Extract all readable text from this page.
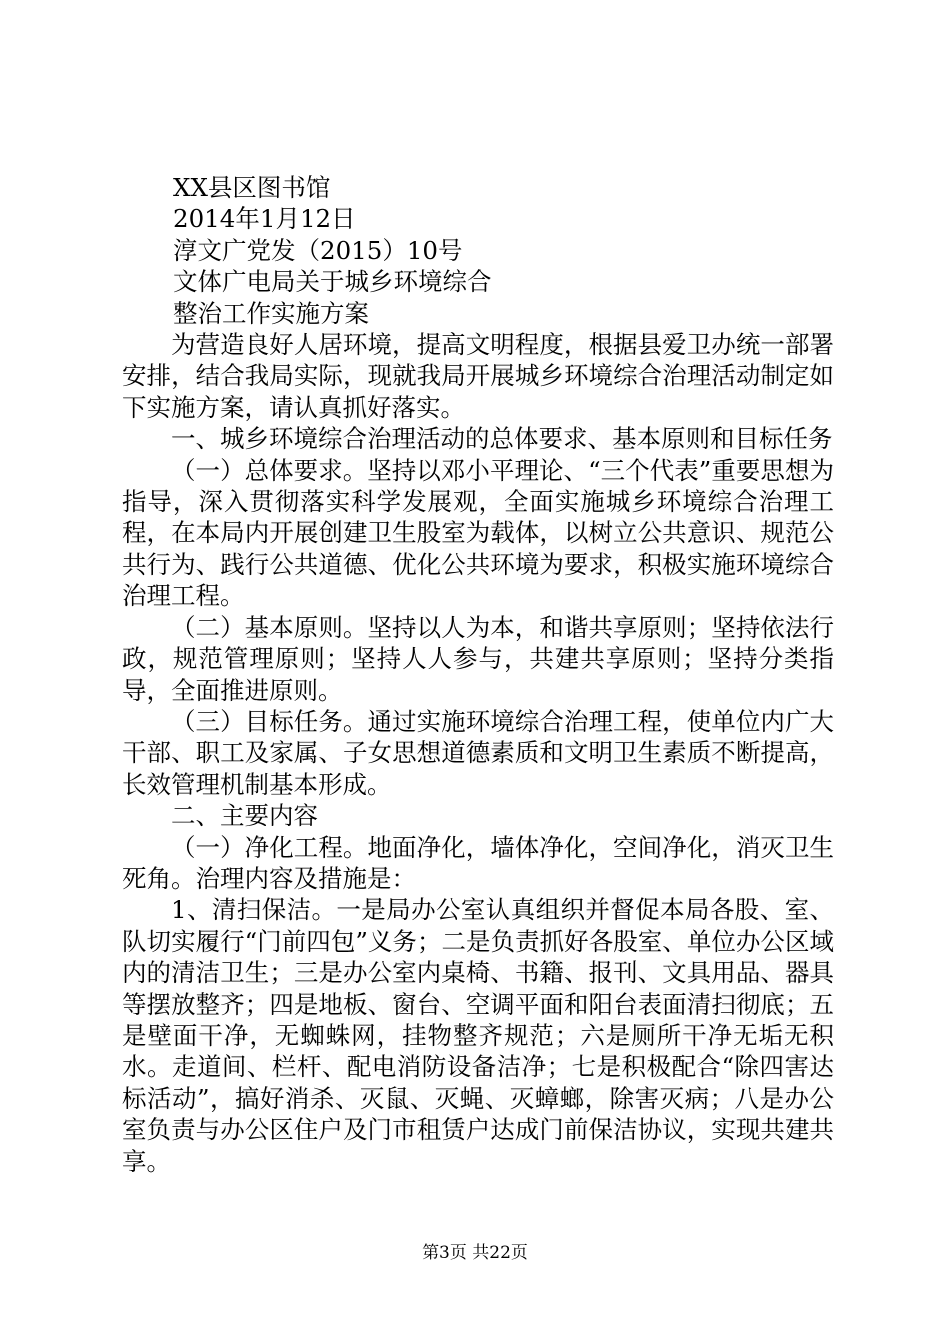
XX县区图书馆
2014年1月12日
淳文广党发（2015）10号
文体广电局关于城乡环境综合
整治工作实施方案

为营造良好人居环境，提高文明程度，根据县爱卫办统一部署安排，结合我局实际，现就我局开展城乡环境综合治理活动制定如下实施方案，请认真抓好落实。

一、城乡环境综合治理活动的总体要求、基本原则和目标任务

（一）总体要求。坚持以邓小平理论、“三个代表”重要思想为指导，深入贯彻落实科学发展观，全面实施城乡环境综合治理工程，在本局内开展创建卫生股室为载体，以树立公共意识、规范公共行为、践行公共道德、优化公共环境为要求，积极实施环境综合治理工程。

（二）基本原则。坚持以人为本，和谐共享原则；坚持依法行政，规范管理原则；坚持人人参与，共建共享原则；坚持分类指导，全面推进原则。

（三）目标任务。通过实施环境综合治理工程，使单位内广大干部、职工及家属、子女思想道德素质和文明卫生素质不断提高，长效管理机制基本形成。

二、主要内容

（一）净化工程。地面净化，墙体净化，空间净化，消灭卫生死角。治理内容及措施是：

1、清扫保洁。一是局办公室认真组织并督促本局各股、室、队切实履行“门前四包”义务；二是负责抓好各股室、单位办公区域内的清洁卫生；三是办公室内桌椅、书籍、报刊、文具用品、器具等摆放整齐；四是地板、窗台、空调平面和阳台表面清扫彻底；五是壁面干净，无蜘蛛网，挂物整齐规范；六是厕所干净无垢无积水。走道间、栏杆、配电消防设备洁净；七是积极配合“除四害达标活动”，搞好消杀、灭鼠、灭蝇、灭蟑螂，除害灭病；八是办公室负责与办公区住户及门市租赁户达成门前保洁协议，实现共建共享。

第3页 共22页
